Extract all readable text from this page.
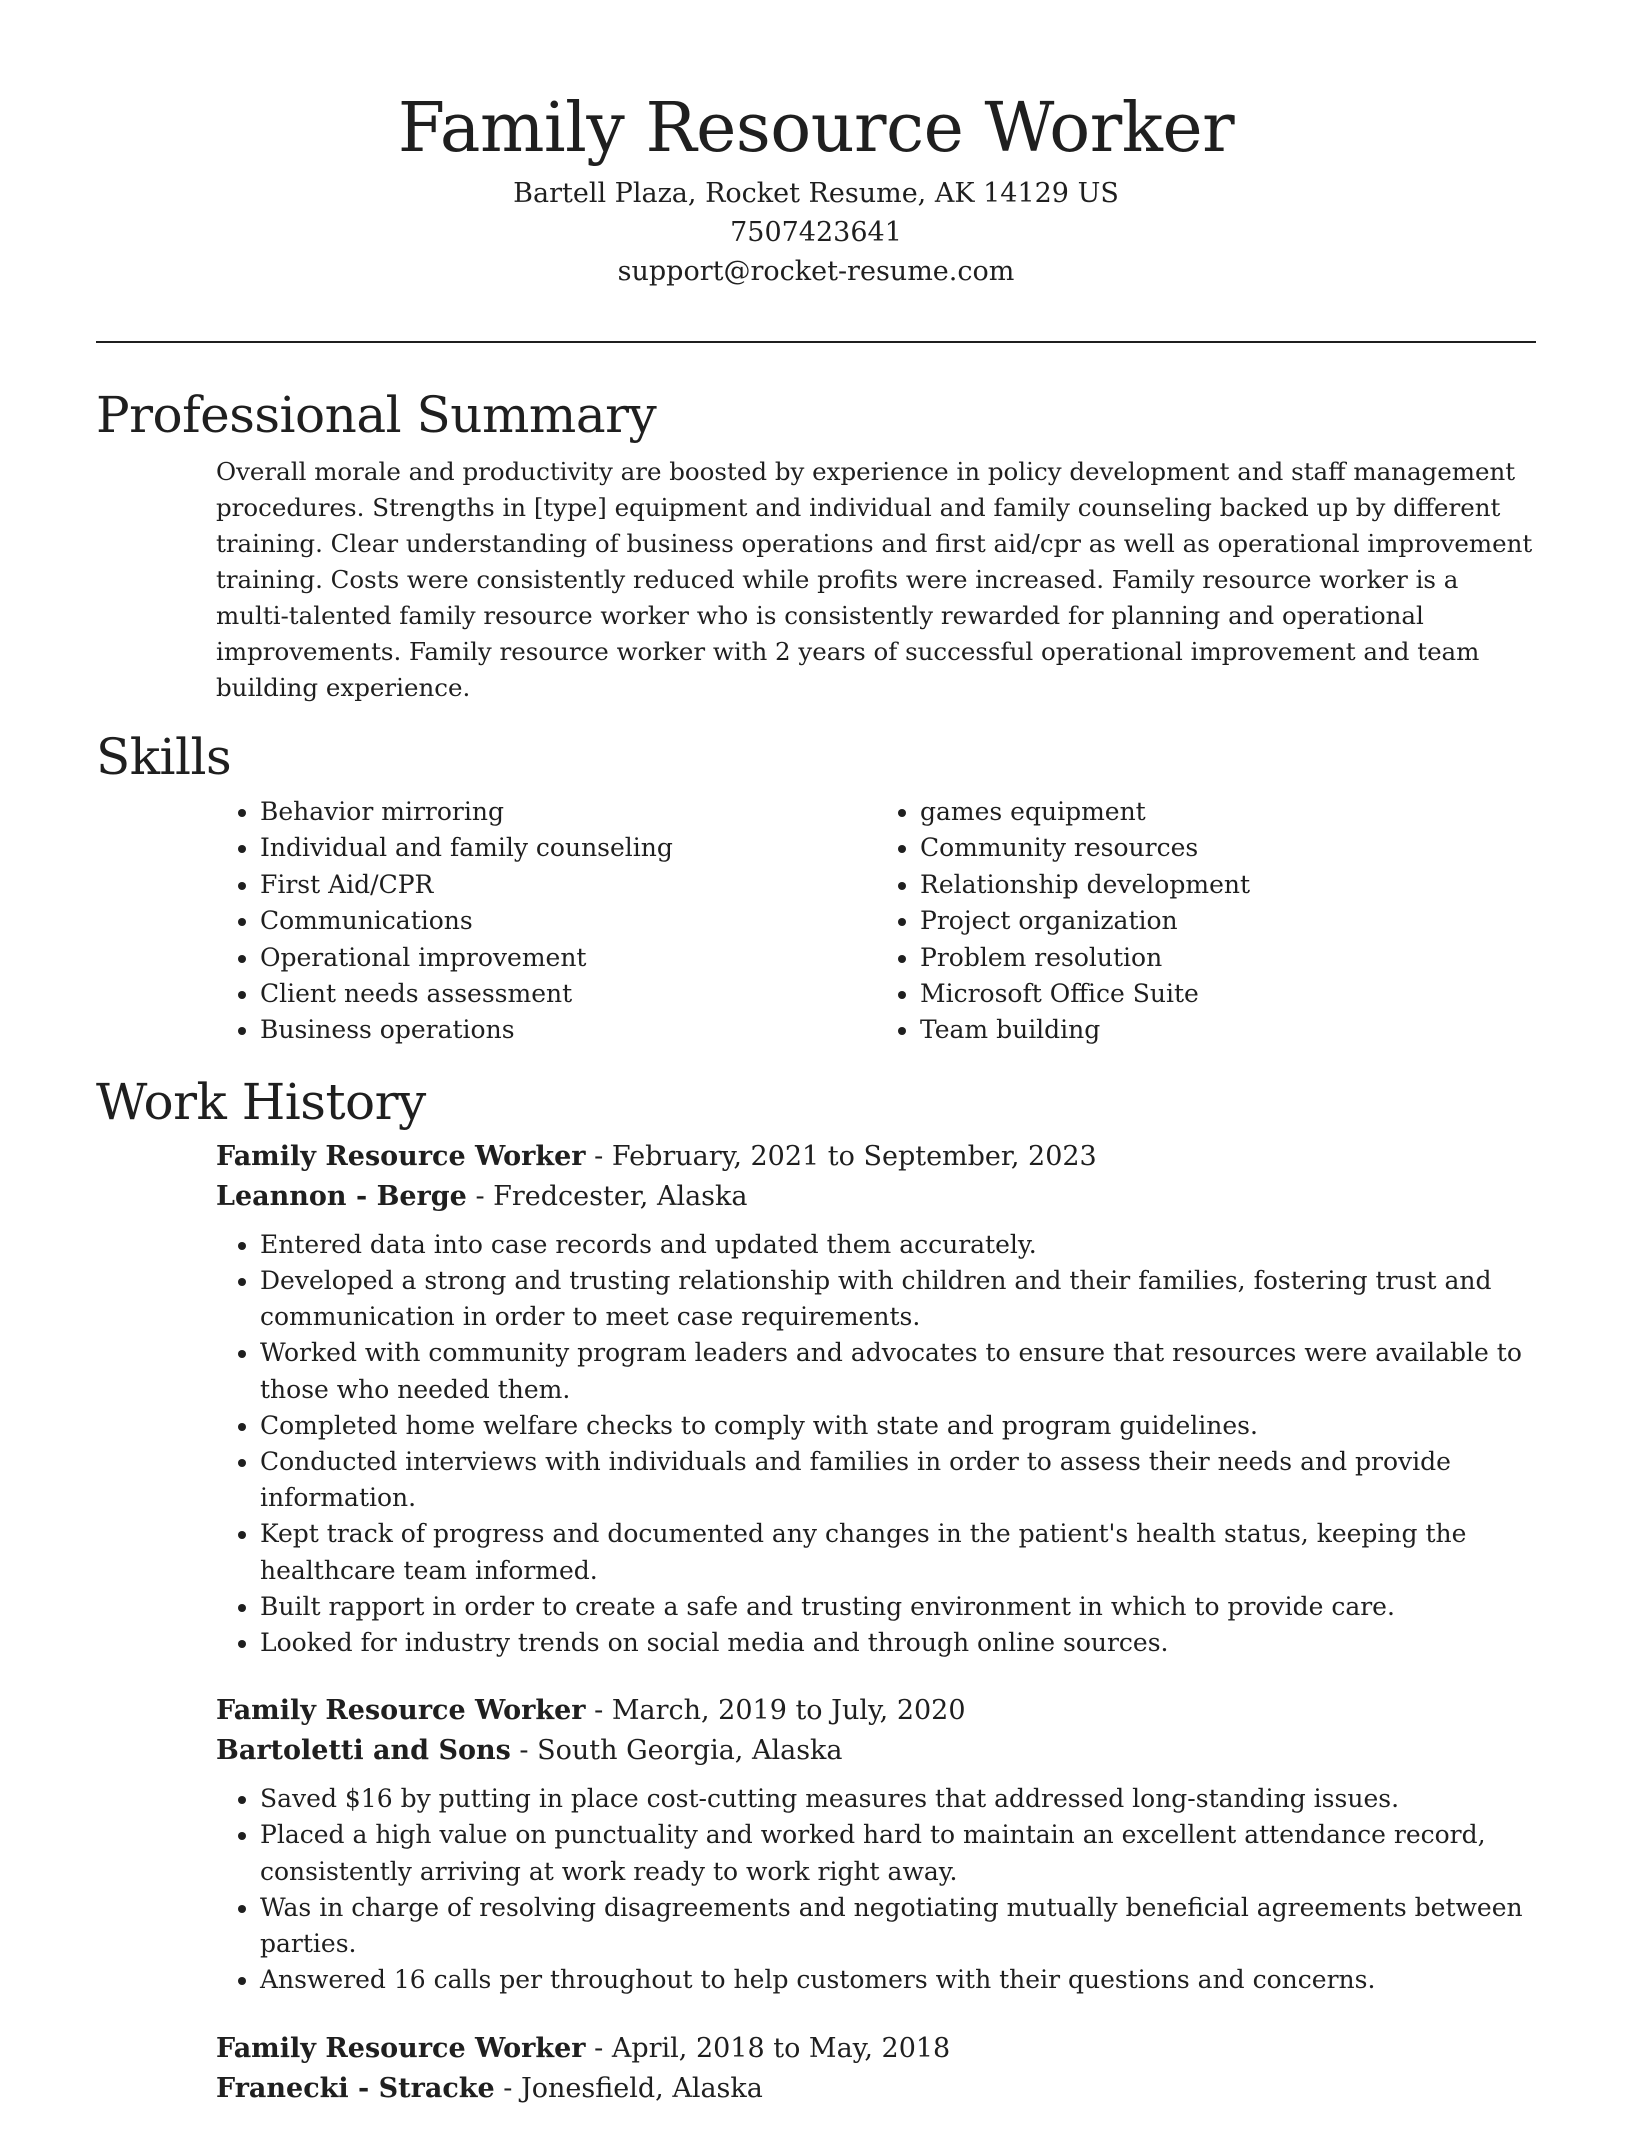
Family Resource Worker
Bartell Plaza, Rocket Resume, AK 14129 US
7507423641
support@rocket-resume.com
Professional Summary

Overall morale and productivity are boosted by experience in policy development and staff management procedures. Strengths in [type] equipment and individual and family counseling backed up by different training. Clear understanding of business operations and first aid/cpr as well as operational improvement training. Costs were consistently reduced while profits were increased. Family resource worker is a multi-talented family resource worker who is consistently rewarded for planning and operational improvements. Family resource worker with 2 years of successful operational improvement and team building experience.

Skills
• Behavior mirroring
• Individual and family counseling
• First Aid/CPR
• Communications
• Operational improvement
• Client needs assessment
• Business operations
• games equipment
• Community resources
• Relationship development
• Project organization
• Problem resolution
• Microsoft Office Suite
• Team building
Work History
Family Resource Worker - February, 2021 to September, 2023
Leannon - Berge - Fredcester, Alaska
• Entered data into case records and updated them accurately.
• Developed a strong and trusting relationship with children and their families, fostering trust and communication in order to meet case requirements.
• Worked with community program leaders and advocates to ensure that resources were available to those who needed them.
• Completed home welfare checks to comply with state and program guidelines.
• Conducted interviews with individuals and families in order to assess their needs and provide information.
• Kept track of progress and documented any changes in the patient's health status, keeping the healthcare team informed.
• Built rapport in order to create a safe and trusting environment in which to provide care.
• Looked for industry trends on social media and through online sources.
Family Resource Worker - March, 2019 to July, 2020
Bartoletti and Sons - South Georgia, Alaska
• Saved $16 by putting in place cost-cutting measures that addressed long-standing issues.
• Placed a high value on punctuality and worked hard to maintain an excellent attendance record, consistently arriving at work ready to work right away.
• Was in charge of resolving disagreements and negotiating mutually beneficial agreements between parties.
• Answered 16 calls per throughout to help customers with their questions and concerns.
Family Resource Worker - April, 2018 to May, 2018
Franecki - Stracke - Jonesfield, Alaska
